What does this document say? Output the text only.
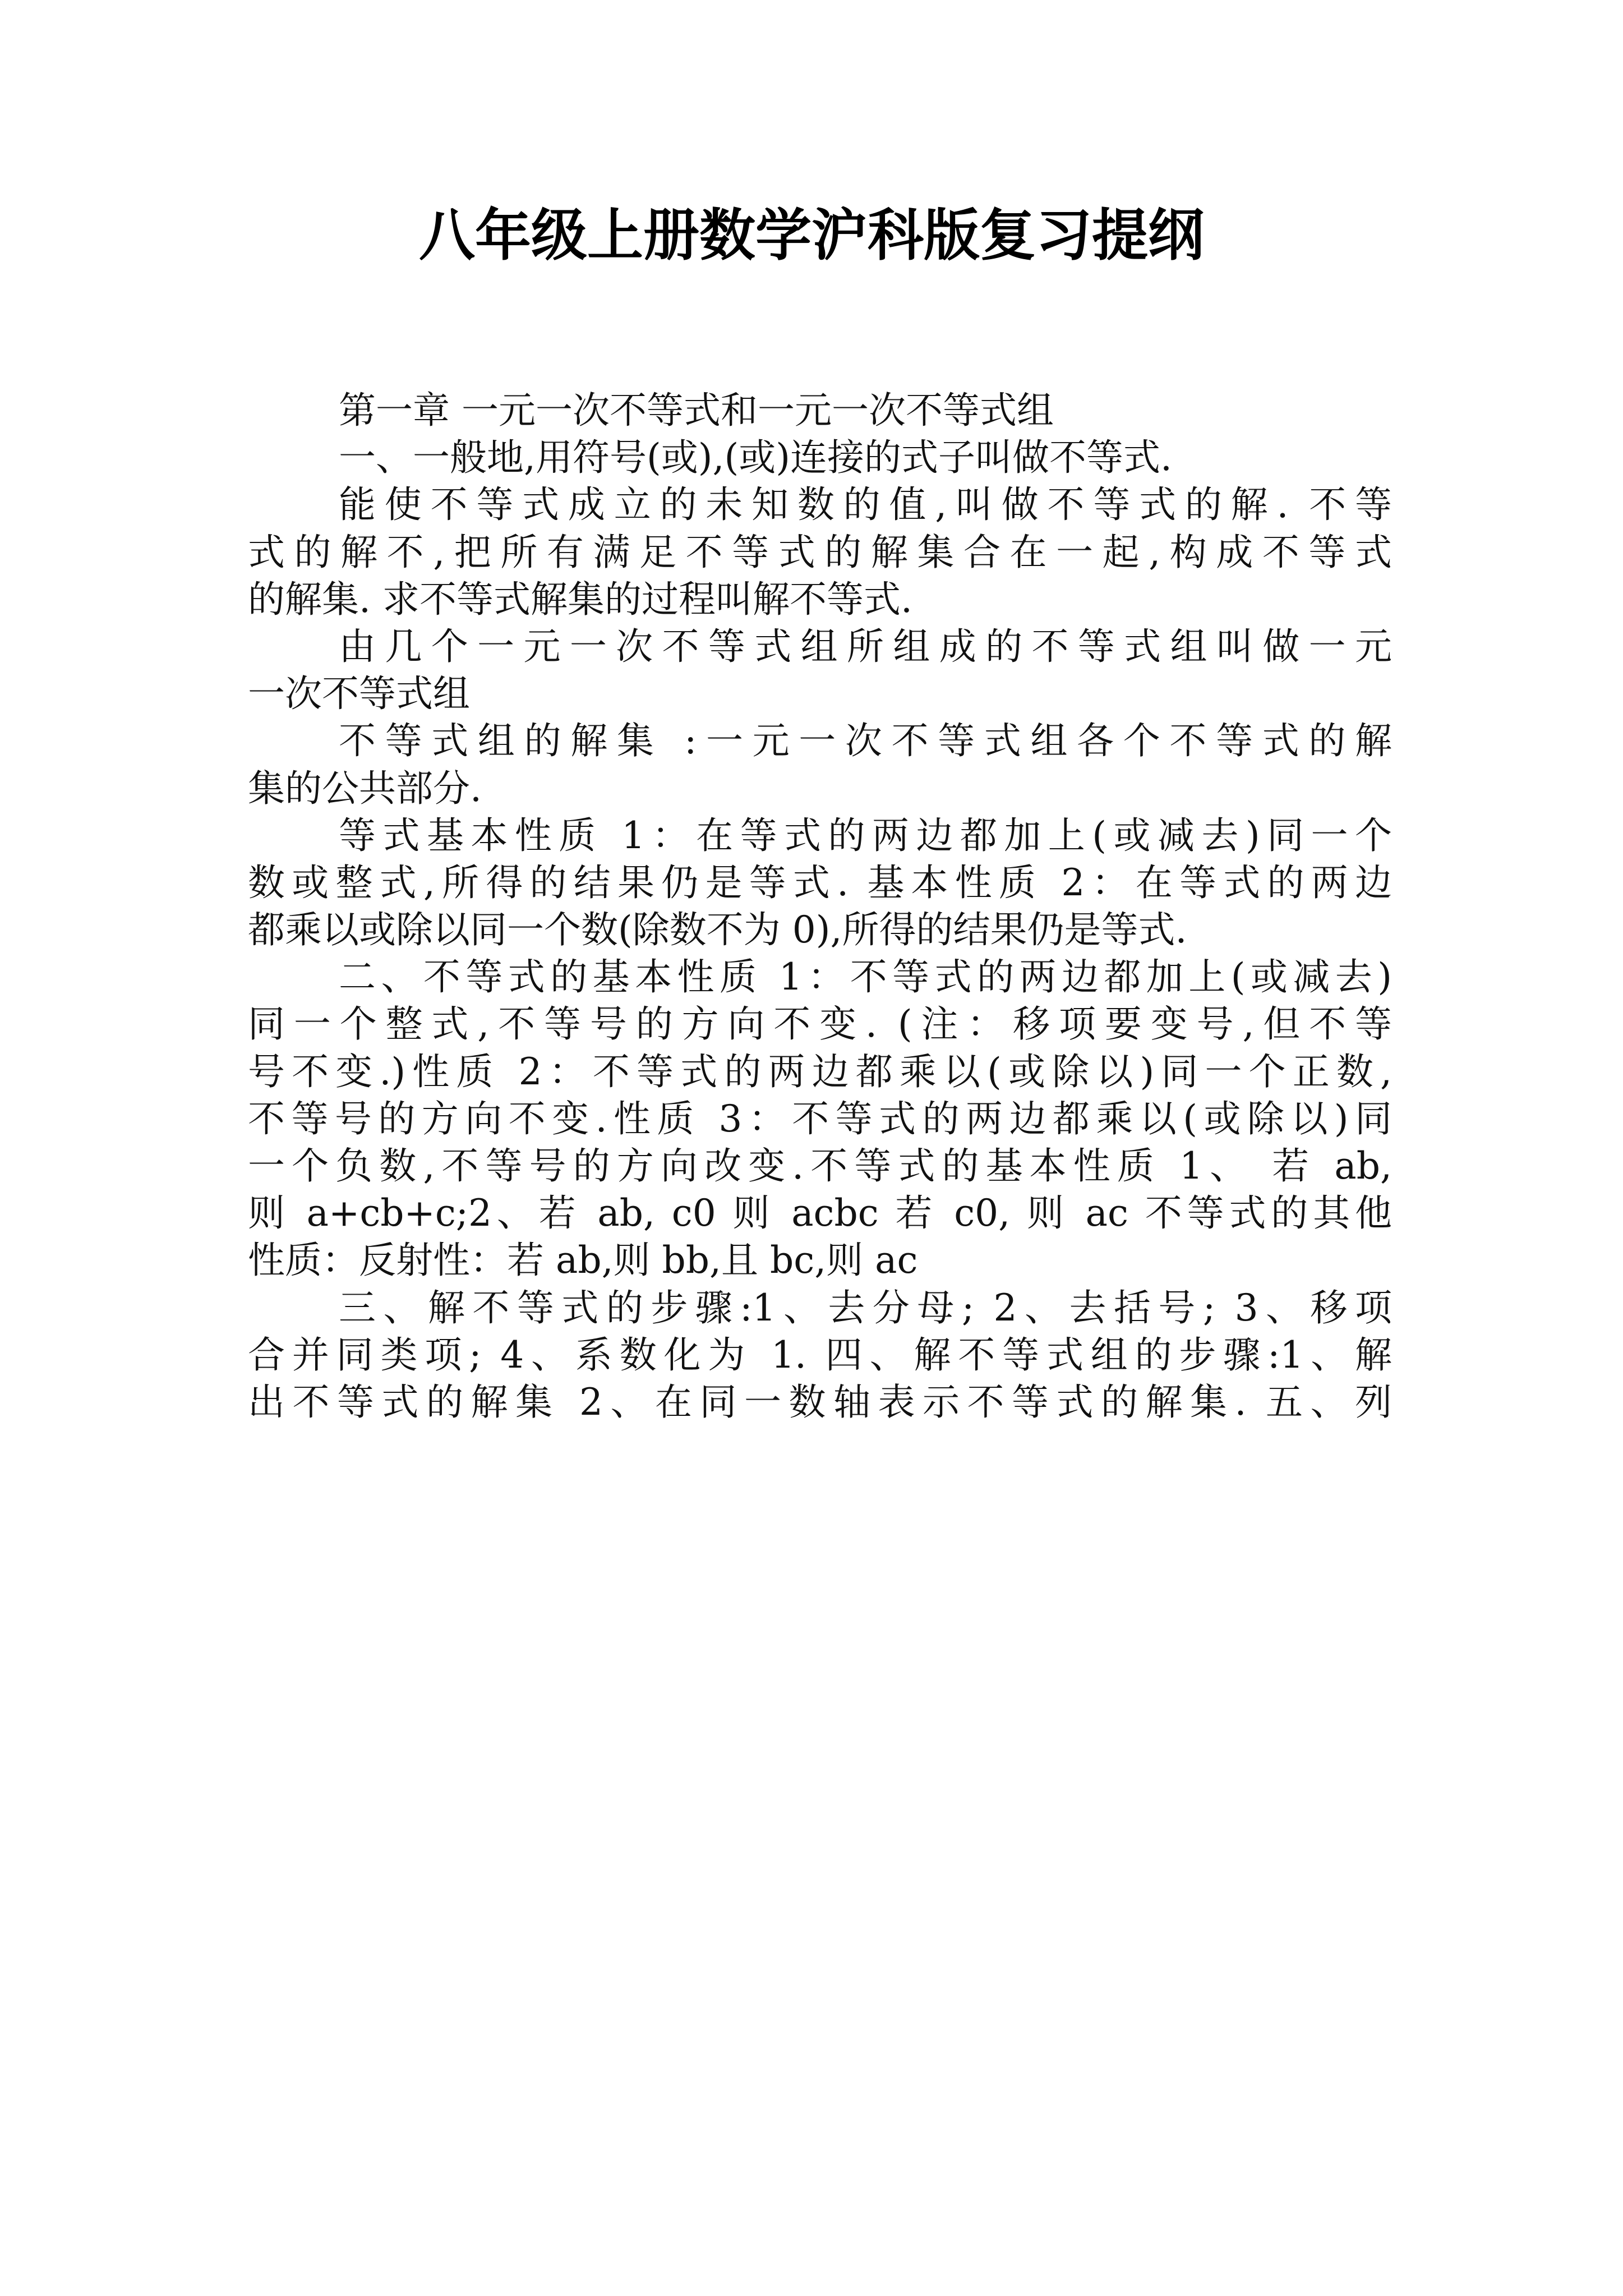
八年级上册数学沪科版复习提纲
第一章 一元一次不等式和一元一次不等式组
一、一般地,用符号(或),(或)连接的式子叫做不等式.
能使不等式成立的未知数的值,叫做不等式的解. 不等
式的解不,把所有满足不等式的解集合在一起,构成不等式
的解集. 求不等式解集的过程叫解不等式.
由几个一元一次不等式组所组成的不等式组叫做一元
一次不等式组
不等式组的解集 :一元一次不等式组各个不等式的解
集的公共部分.
等式基本性质 1：在等式的两边都加上(或减去)同一个
数或整式,所得的结果仍是等式. 基本性质 2：在等式的两边
都乘以或除以同一个数(除数不为 0),所得的结果仍是等式.
二、不等式的基本性质 1：不等式的两边都加上(或减去)
同一个整式,不等号的方向不变. (注：移项要变号,但不等
号不变.)性质 2：不等式的两边都乘以(或除以)同一个正数,
不等号的方向不变.性质 3：不等式的两边都乘以(或除以)同
一个负数,不等号的方向改变.不等式的基本性质 1、 若 ab,
则 a+cb+c;2、若 ab, c0 则 acbc 若 c0, 则 ac 不等式的其他
性质：反射性：若 ab,则 bb,且 bc,则 ac
三、解不等式的步骤:1、去分母; 2、去括号; 3、移项
合并同类项; 4、系数化为 1. 四、解不等式组的步骤:1、解
出不等式的解集 2、在同一数轴表示不等式的解集. 五、列
